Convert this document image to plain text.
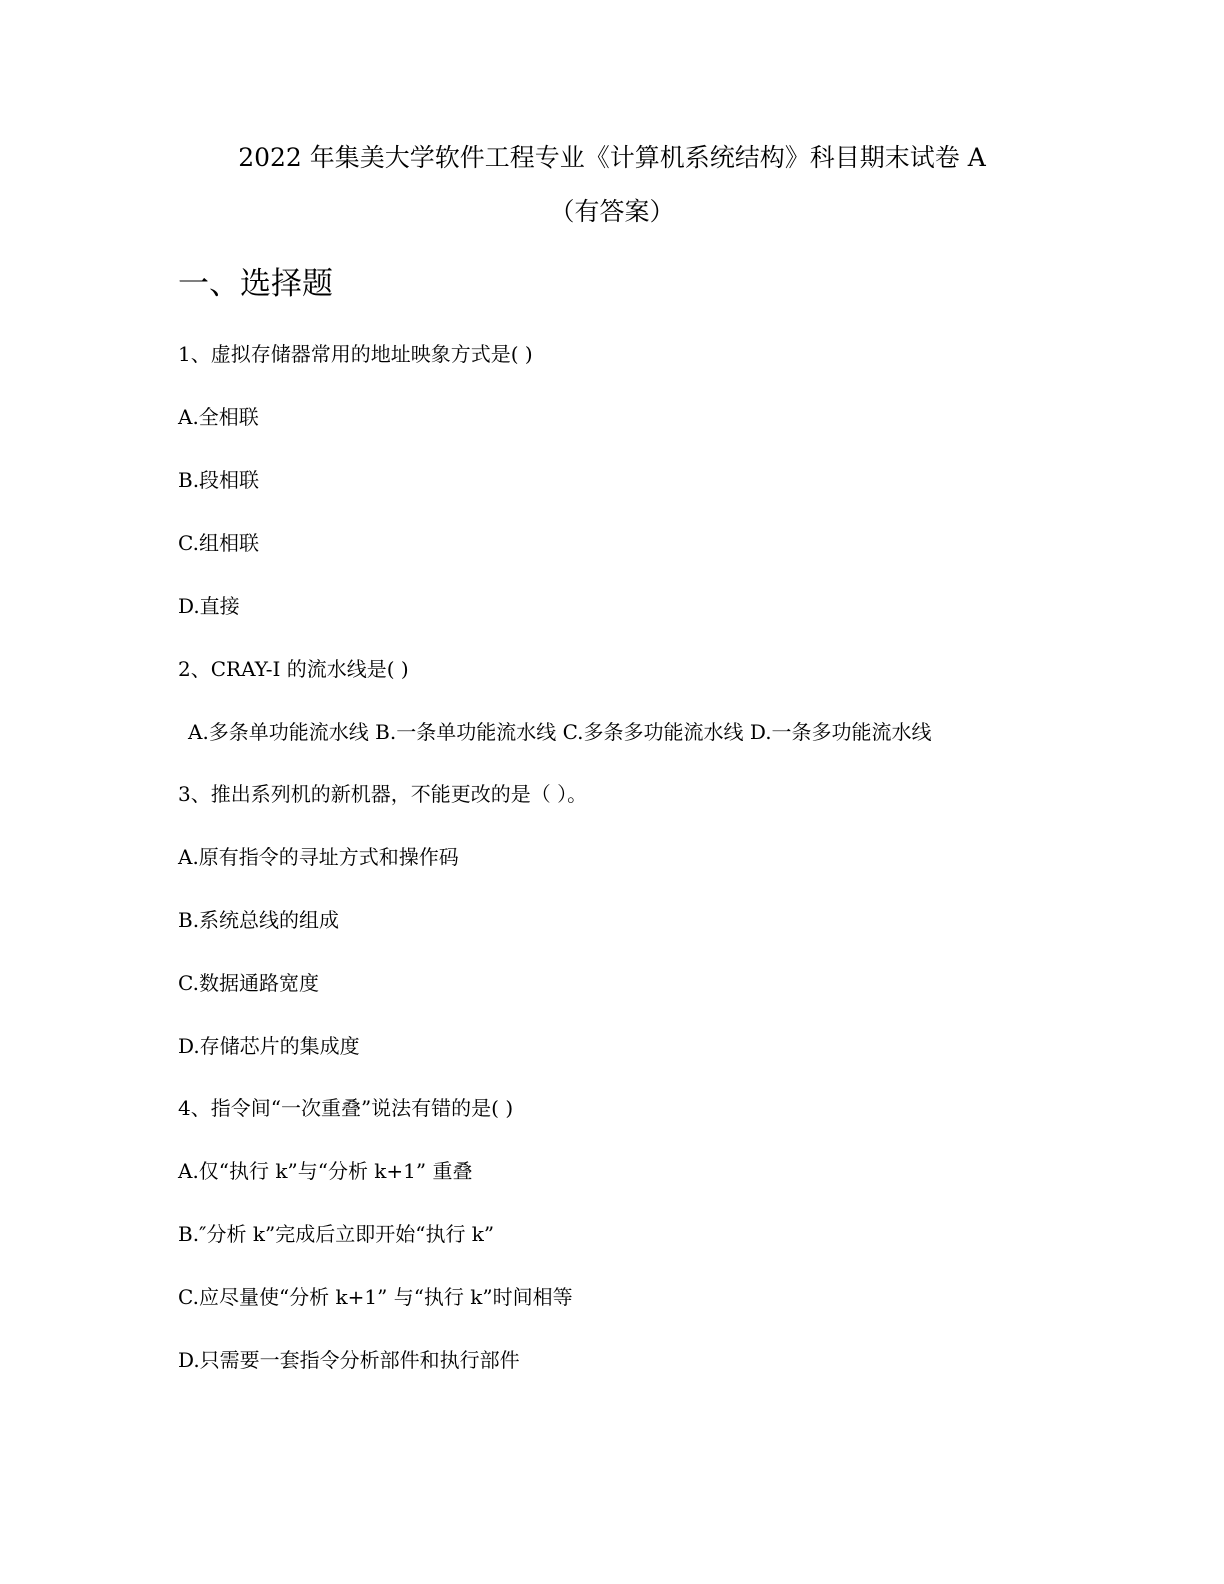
2022 年集美大学软件工程专业《计算机系统结构》科目期末试卷 A
（有答案）
一、选择题
1、虚拟存储器常用的地址映象方式是( )
A.全相联
B.段相联
C.组相联
D.直接
2、CRAY-I 的流水线是( )
A.多条单功能流水线 B.一条单功能流水线 C.多条多功能流水线 D.一条多功能流水线
3、推出系列机的新机器，不能更改的是（ ）。
A.原有指令的寻址方式和操作码
B.系统总线的组成
C.数据通路宽度
D.存储芯片的集成度
4、指令间“一次重叠”说法有错的是( )
A.仅“执行 k”与“分析 k+1” 重叠
B.″分析 k”完成后立即开始“执行 k”
C.应尽量使“分析 k+1” 与“执行 k”时间相等
D.只需要一套指令分析部件和执行部件
